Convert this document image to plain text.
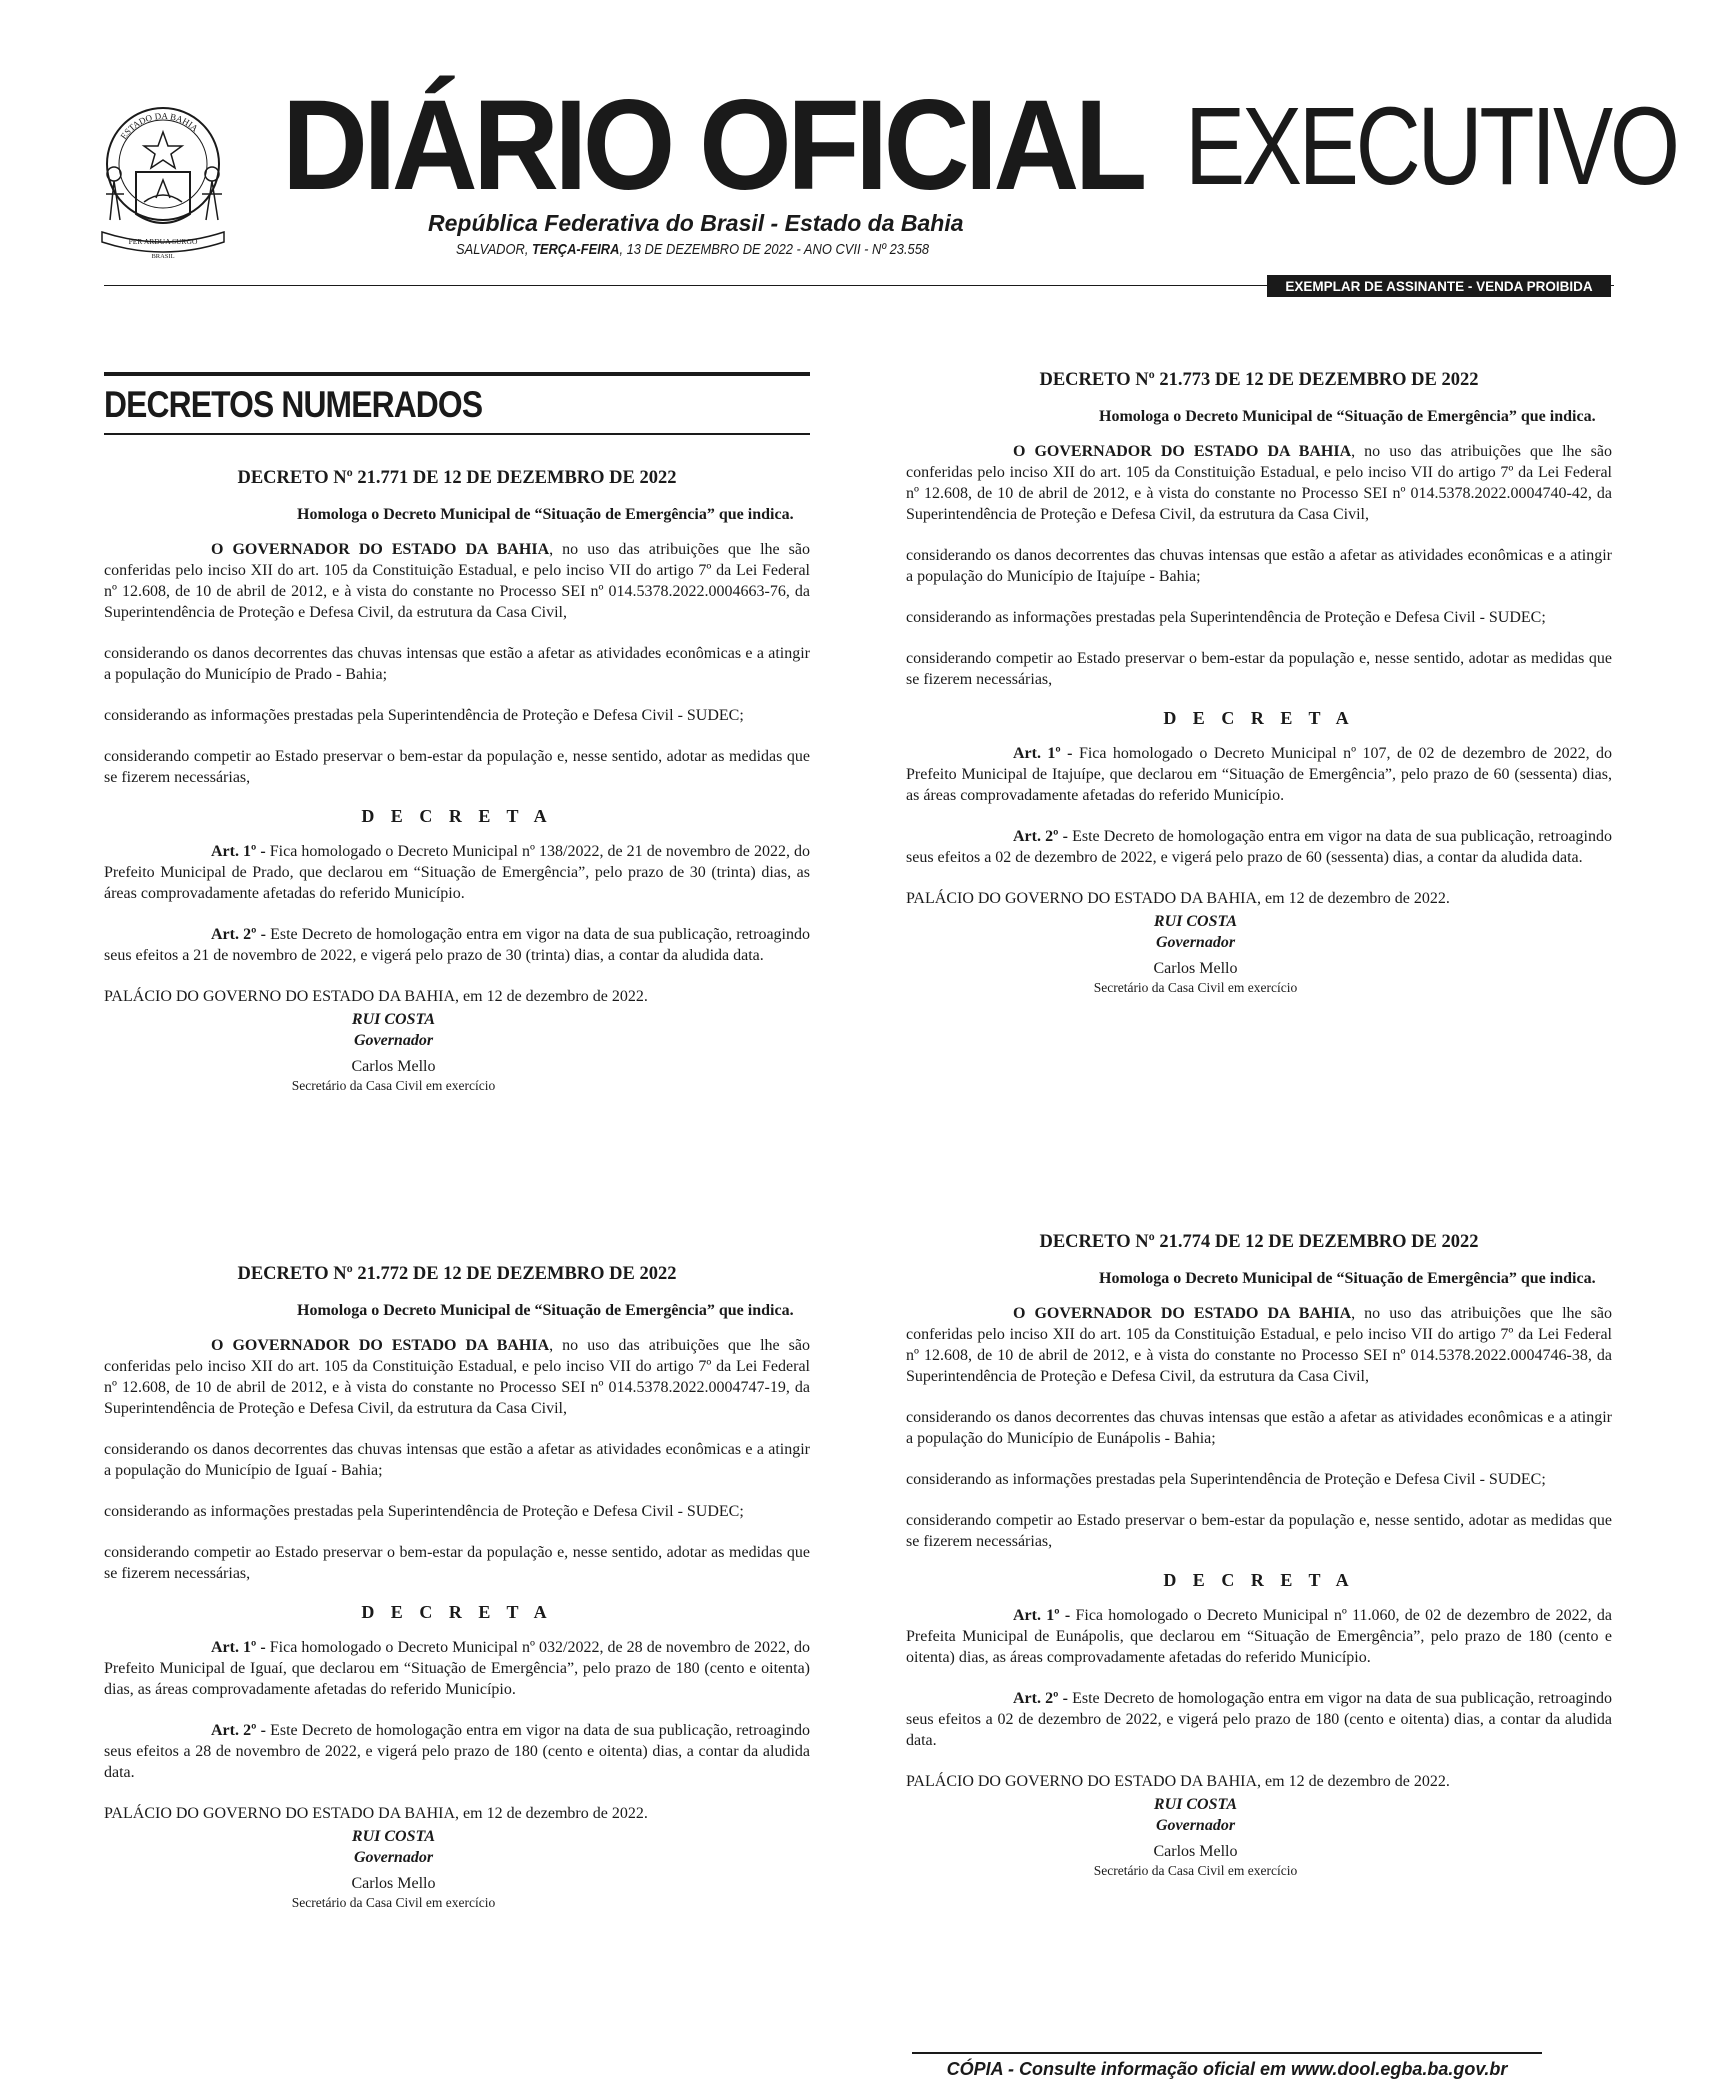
ESTADO DA BAHIA
PER ARDUA SURGO
BRASIL
DIÁRIO OFICIAL EXECUTIVO
República Federativa do Brasil - Estado da Bahia
SALVADOR, TERÇA-FEIRA, 13 DE DEZEMBRO DE 2022 - ANO CVII - Nº 23.558
EXEMPLAR DE ASSINANTE - VENDA PROIBIDA
DECRETOS NUMERADOS
DECRETO Nº 21.771 DE 12 DE DEZEMBRO DE 2022
Homologa o Decreto Municipal de “Situação de Emergência” que indica.

O GOVERNADOR DO ESTADO DA BAHIA, no uso das atribuições que lhe são conferidas pelo inciso XII do art. 105 da Constituição Estadual, e pelo inciso VII do artigo 7º da Lei Federal nº 12.608, de 10 de abril de 2012, e à vista do constante no Processo SEI nº 014.5378.2022.0004663-76, da Superintendência de Proteção e Defesa Civil, da estrutura da Casa Civil,

considerando os danos decorrentes das chuvas intensas que estão a afetar as atividades econômicas e a atingir a população do Município de Prado - Bahia;

considerando as informações prestadas pela Superintendência de Proteção e Defesa Civil - SUDEC;

considerando competir ao Estado preservar o bem-estar da população e, nesse sentido, adotar as medidas que se fizerem necessárias,

D E C R E T A

Art. 1º - Fica homologado o Decreto Municipal nº 138/2022, de 21 de novembro de 2022, do Prefeito Municipal de Prado, que declarou em “Situação de Emergência”, pelo prazo de 30 (trinta) dias, as áreas comprovadamente afetadas do referido Município.

Art. 2º - Este Decreto de homologação entra em vigor na data de sua publicação, retroagindo seus efeitos a 21 de novembro de 2022, e vigerá pelo prazo de 30 (trinta) dias, a contar da aludida data.

PALÁCIO DO GOVERNO DO ESTADO DA BAHIA, em 12 de dezembro de 2022.
RUI COSTA
Governador
Carlos Mello
Secretário da Casa Civil em exercício
DECRETO Nº 21.772 DE 12 DE DEZEMBRO DE 2022
Homologa o Decreto Municipal de “Situação de Emergência” que indica.

O GOVERNADOR DO ESTADO DA BAHIA, no uso das atribuições que lhe são conferidas pelo inciso XII do art. 105 da Constituição Estadual, e pelo inciso VII do artigo 7º da Lei Federal nº 12.608, de 10 de abril de 2012, e à vista do constante no Processo SEI nº 014.5378.2022.0004747-19, da Superintendência de Proteção e Defesa Civil, da estrutura da Casa Civil,

considerando os danos decorrentes das chuvas intensas que estão a afetar as atividades econômicas e a atingir a população do Município de Iguaí - Bahia;

considerando as informações prestadas pela Superintendência de Proteção e Defesa Civil - SUDEC;

considerando competir ao Estado preservar o bem-estar da população e, nesse sentido, adotar as medidas que se fizerem necessárias,

D E C R E T A

Art. 1º - Fica homologado o Decreto Municipal nº 032/2022, de 28 de novembro de 2022, do Prefeito Municipal de Iguaí, que declarou em “Situação de Emergência”, pelo prazo de 180 (cento e oitenta) dias, as áreas comprovadamente afetadas do referido Município.

Art. 2º - Este Decreto de homologação entra em vigor na data de sua publicação, retroagindo seus efeitos a 28 de novembro de 2022, e vigerá pelo prazo de 180 (cento e oitenta) dias, a contar da aludida data.

PALÁCIO DO GOVERNO DO ESTADO DA BAHIA, em 12 de dezembro de 2022.
RUI COSTA
Governador
Carlos Mello
Secretário da Casa Civil em exercício
DECRETO Nº 21.773 DE 12 DE DEZEMBRO DE 2022
Homologa o Decreto Municipal de “Situação de Emergência” que indica.

O GOVERNADOR DO ESTADO DA BAHIA, no uso das atribuições que lhe são conferidas pelo inciso XII do art. 105 da Constituição Estadual, e pelo inciso VII do artigo 7º da Lei Federal nº 12.608, de 10 de abril de 2012, e à vista do constante no Processo SEI nº 014.5378.2022.0004740-42, da Superintendência de Proteção e Defesa Civil, da estrutura da Casa Civil,

considerando os danos decorrentes das chuvas intensas que estão a afetar as atividades econômicas e a atingir a população do Município de Itajuípe - Bahia;

considerando as informações prestadas pela Superintendência de Proteção e Defesa Civil - SUDEC;

considerando competir ao Estado preservar o bem-estar da população e, nesse sentido, adotar as medidas que se fizerem necessárias,

D E C R E T A

Art. 1º - Fica homologado o Decreto Municipal nº 107, de 02 de dezembro de 2022, do Prefeito Municipal de Itajuípe, que declarou em “Situação de Emergência”, pelo prazo de 60 (sessenta) dias, as áreas comprovadamente afetadas do referido Município.

Art. 2º - Este Decreto de homologação entra em vigor na data de sua publicação, retroagindo seus efeitos a 02 de dezembro de 2022, e vigerá pelo prazo de 60 (sessenta) dias, a contar da aludida data.

PALÁCIO DO GOVERNO DO ESTADO DA BAHIA, em 12 de dezembro de 2022.
RUI COSTA
Governador
Carlos Mello
Secretário da Casa Civil em exercício
DECRETO Nº 21.774 DE 12 DE DEZEMBRO DE 2022
Homologa o Decreto Municipal de “Situação de Emergência” que indica.

O GOVERNADOR DO ESTADO DA BAHIA, no uso das atribuições que lhe são conferidas pelo inciso XII do art. 105 da Constituição Estadual, e pelo inciso VII do artigo 7º da Lei Federal nº 12.608, de 10 de abril de 2012, e à vista do constante no Processo SEI nº 014.5378.2022.0004746-38, da Superintendência de Proteção e Defesa Civil, da estrutura da Casa Civil,

considerando os danos decorrentes das chuvas intensas que estão a afetar as atividades econômicas e a atingir a população do Município de Eunápolis - Bahia;

considerando as informações prestadas pela Superintendência de Proteção e Defesa Civil - SUDEC;

considerando competir ao Estado preservar o bem-estar da população e, nesse sentido, adotar as medidas que se fizerem necessárias,

D E C R E T A

Art. 1º - Fica homologado o Decreto Municipal nº 11.060, de 02 de dezembro de 2022, da Prefeita Municipal de Eunápolis, que declarou em “Situação de Emergência”, pelo prazo de 180 (cento e oitenta) dias, as áreas comprovadamente afetadas do referido Município.

Art. 2º - Este Decreto de homologação entra em vigor na data de sua publicação, retroagindo seus efeitos a 02 de dezembro de 2022, e vigerá pelo prazo de 180 (cento e oitenta) dias, a contar da aludida data.

PALÁCIO DO GOVERNO DO ESTADO DA BAHIA, em 12 de dezembro de 2022.
RUI COSTA
Governador
Carlos Mello
Secretário da Casa Civil em exercício
CÓPIA - Consulte informação oficial em www.dool.egba.ba.gov.br
